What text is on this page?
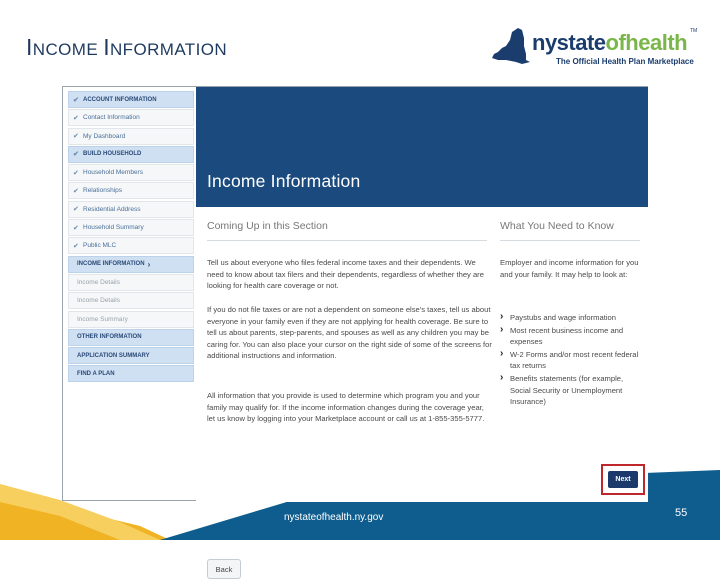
INCOME INFORMATION	nystateofhealth TM
The Official Health Plan Marketplace
✔ ACCOUNT INFORMATION
✔ Contact Information
✔ My Dashboard
✔ BUILD HOUSEHOLD
✔ Household Members
✔ Relationships
✔ Residential Address
✔ Household Summary
✔ Public MLC
INCOME INFORMATION ›
Income Details
Income Details
Income Summary
OTHER INFORMATION
APPLICATION SUMMARY
FIND A PLAN
Income Information
Coming Up in this Section	What You Need to Know
Tell us about everyone who files federal income taxes and their dependents. We need to know about tax filers and their dependents, regardless of whether they are looking for health care coverage or not.
If you do not file taxes or are not a dependent on someone else's taxes, tell us about everyone in your family even if they are not applying for health coverage. Be sure to tell us about parents, step-parents, and spouses as well as any children you may be caring for. You can also place your cursor on the right side of some of the screens for additional instructions and information.
All information that you provide is used to determine which program you and your family may qualify for. If the income information changes during the coverage year, let us know by logging into your Marketplace account or call us at 1-855-355-5777.
Employer and income information for you and your family. It may help to look at:
› Paystubs and wage information
› Most recent business income and expenses
› W-2 Forms and/or most recent federal tax returns
› Benefits statements (for example, Social Security or Unemployment Insurance)
Back
Next
nystateofhealth.ny.gov	55
